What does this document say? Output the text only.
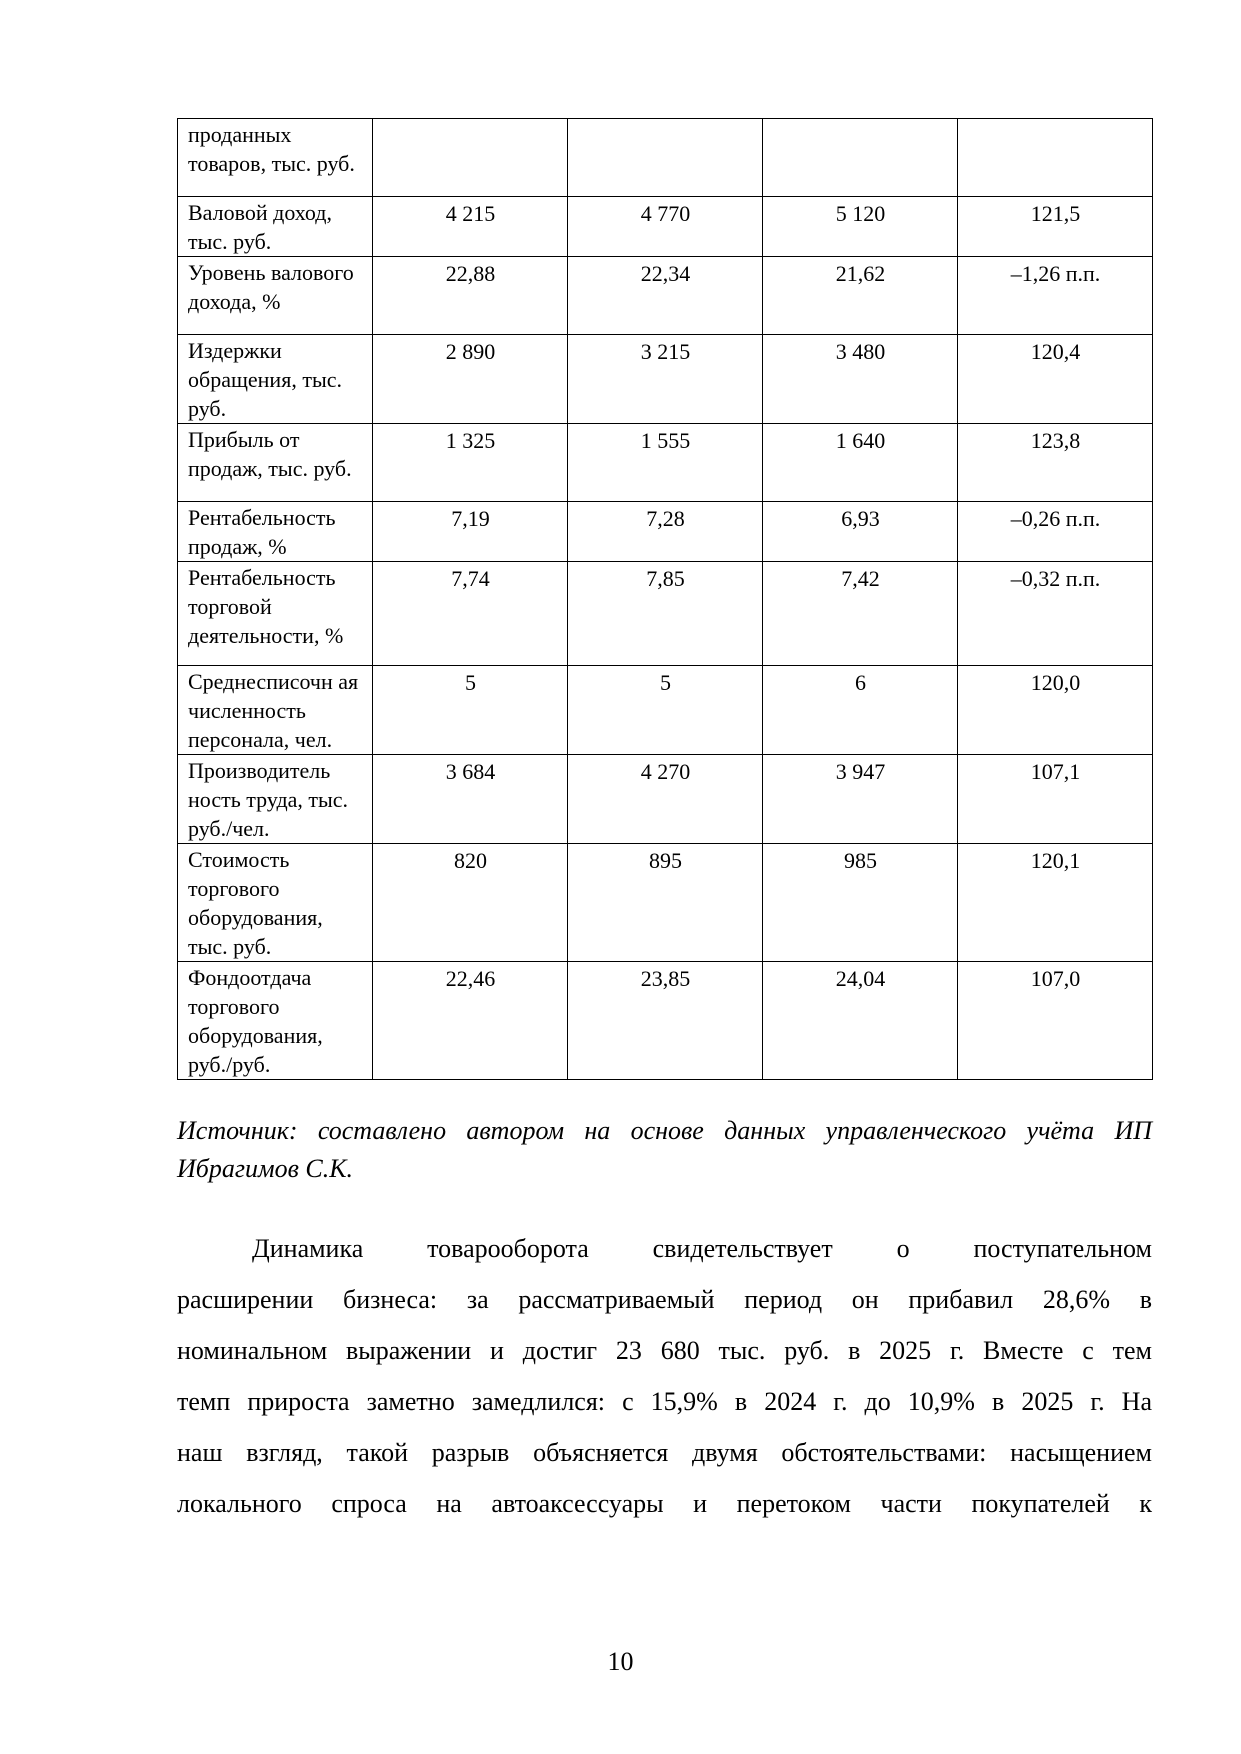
проданных товаров, тыс. руб.				
Валовой доход, тыс. руб.	4 215	4 770	5 120	121,5
Уровень валового дохода, %	22,88	22,34	21,62	–1,26 п.п.
Издержки обращения, тыс. руб.	2 890	3 215	3 480	120,4
Прибыль от продаж, тыс. руб.	1 325	1 555	1 640	123,8
Рентабельность продаж, %	7,19	7,28	6,93	–0,26 п.п.
Рентабельность торговой деятельности, %	7,74	7,85	7,42	–0,32 п.п.
Среднесписочн ая численность персонала, чел.	5	5	6	120,0
Производитель ность труда, тыс. руб./чел.	3 684	4 270	3 947	107,1
Стоимость торгового оборудования, тыс. руб.	820	895	985	120,1
Фондоотдача торгового оборудования, руб./руб.	22,46	23,85	24,04	107,0
Источник: составлено автором на основе данных управленческого учёта ИП
Ибрагимов С.К.
Динамика товарооборота свидетельствует о поступательном
расширении бизнеса: за рассматриваемый период он прибавил 28,6% в
номинальном выражении и достиг 23 680 тыс. руб. в 2025 г. Вместе с тем
темп прироста заметно замедлился: с 15,9% в 2024 г. до 10,9% в 2025 г. На
наш взгляд, такой разрыв объясняется двумя обстоятельствами: насыщением
локального спроса на автоаксессуары и перетоком части покупателей к
10
